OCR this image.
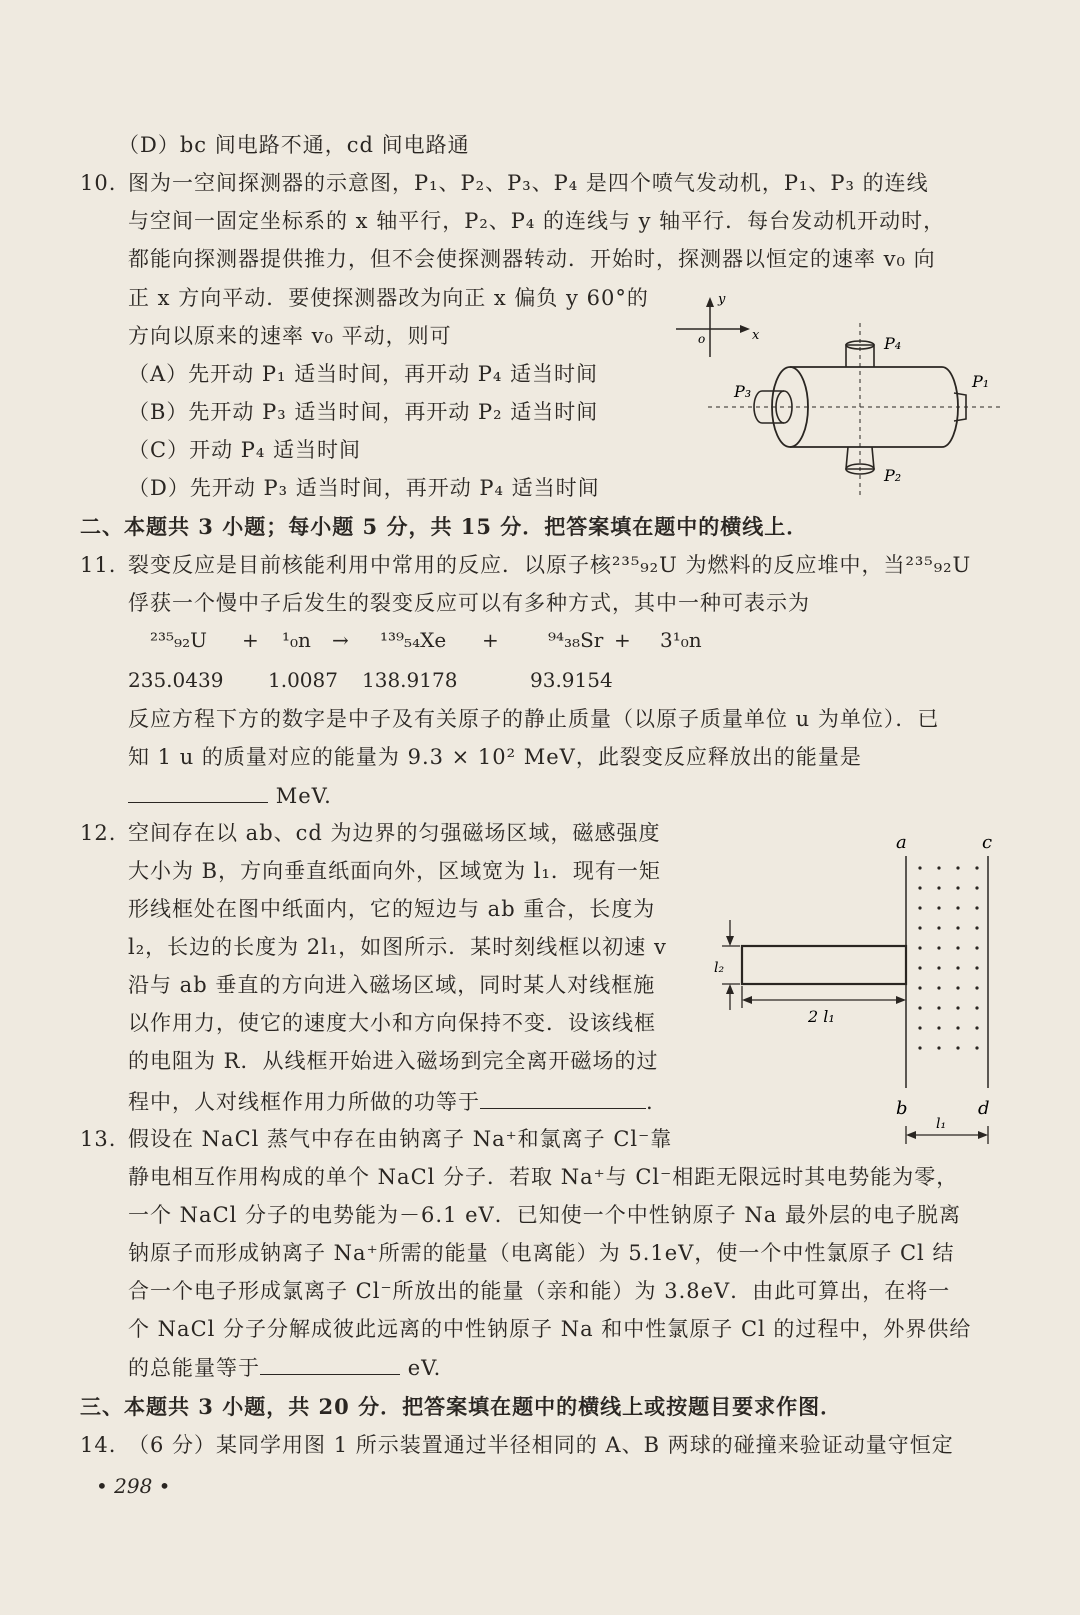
（D）bc 间电路不通，cd 间电路通
10. 图为一空间探测器的示意图，P₁、P₂、P₃、P₄ 是四个喷气发动机，P₁、P₃ 的连线
与空间一固定坐标系的 x 轴平行，P₂、P₄ 的连线与 y 轴平行．每台发动机开动时，
都能向探测器提供推力，但不会使探测器转动．开始时，探测器以恒定的速率 v₀ 向
正 x 方向平动．要使探测器改为向正 x 偏负 y 60°的
方向以原来的速率 v₀ 平动，则可
（A）先开动 P₁ 适当时间，再开动 P₄ 适当时间
（B）先开动 P₃ 适当时间，再开动 P₂ 适当时间
（C）开动 P₄ 适当时间
（D）先开动 P₃ 适当时间，再开动 P₄ 适当时间
y
x
o	P₄
P₁
P₃
P₂
二、本题共 3 小题；每小题 5 分，共 15 分．把答案填在题中的横线上．
11. 裂变反应是目前核能利用中常用的反应．以原子核²³⁵₉₂U 为燃料的反应堆中，当²³⁵₉₂U
俘获一个慢中子后发生的裂变反应可以有多种方式，其中一种可表示为
²³⁵₉₂U + ¹₀n → ¹³⁹₅₄Xe + ⁹⁴₃₈Sr + 3¹₀n
235.0439 1.0087 138.9178	93.9154
反应方程下方的数字是中子及有关原子的静止质量（以原子质量单位 u 为单位）．已
知 1 u 的质量对应的能量为 9.3 × 10² MeV，此裂变反应释放出的能量是
MeV.
12. 空间存在以 ab、cd 为边界的匀强磁场区域，磁感强度
大小为 B，方向垂直纸面向外，区域宽为 l₁．现有一矩
形线框处在图中纸面内，它的短边与 ab 重合，长度为
l₂，长边的长度为 2l₁，如图所示．某时刻线框以初速 v
沿与 ab 垂直的方向进入磁场区域，同时某人对线框施
以作用力，使它的速度大小和方向保持不变．设该线框
的电阻为 R．从线框开始进入磁场到完全离开磁场的过
程中，人对线框作用力所做的功等于	.
a	c
l₂
2 l₁
b	d
l₁
13. 假设在 NaCl 蒸气中存在由钠离子 Na⁺和氯离子 Cl⁻靠
静电相互作用构成的单个 NaCl 分子．若取 Na⁺与 Cl⁻相距无限远时其电势能为零，
一个 NaCl 分子的电势能为－6.1 eV．已知使一个中性钠原子 Na 最外层的电子脱离
钠原子而形成钠离子 Na⁺所需的能量（电离能）为 5.1eV，使一个中性氯原子 Cl 结
合一个电子形成氯离子 Cl⁻所放出的能量（亲和能）为 3.8eV．由此可算出，在将一
个 NaCl 分子分解成彼此远离的中性钠原子 Na 和中性氯原子 Cl 的过程中，外界供给
的总能量等于	eV.
三、本题共 3 小题，共 20 分．把答案填在题中的横线上或按题目要求作图．
14. （6 分）某同学用图 1 所示装置通过半径相同的 A、B 两球的碰撞来验证动量守恒定
• 298 •
